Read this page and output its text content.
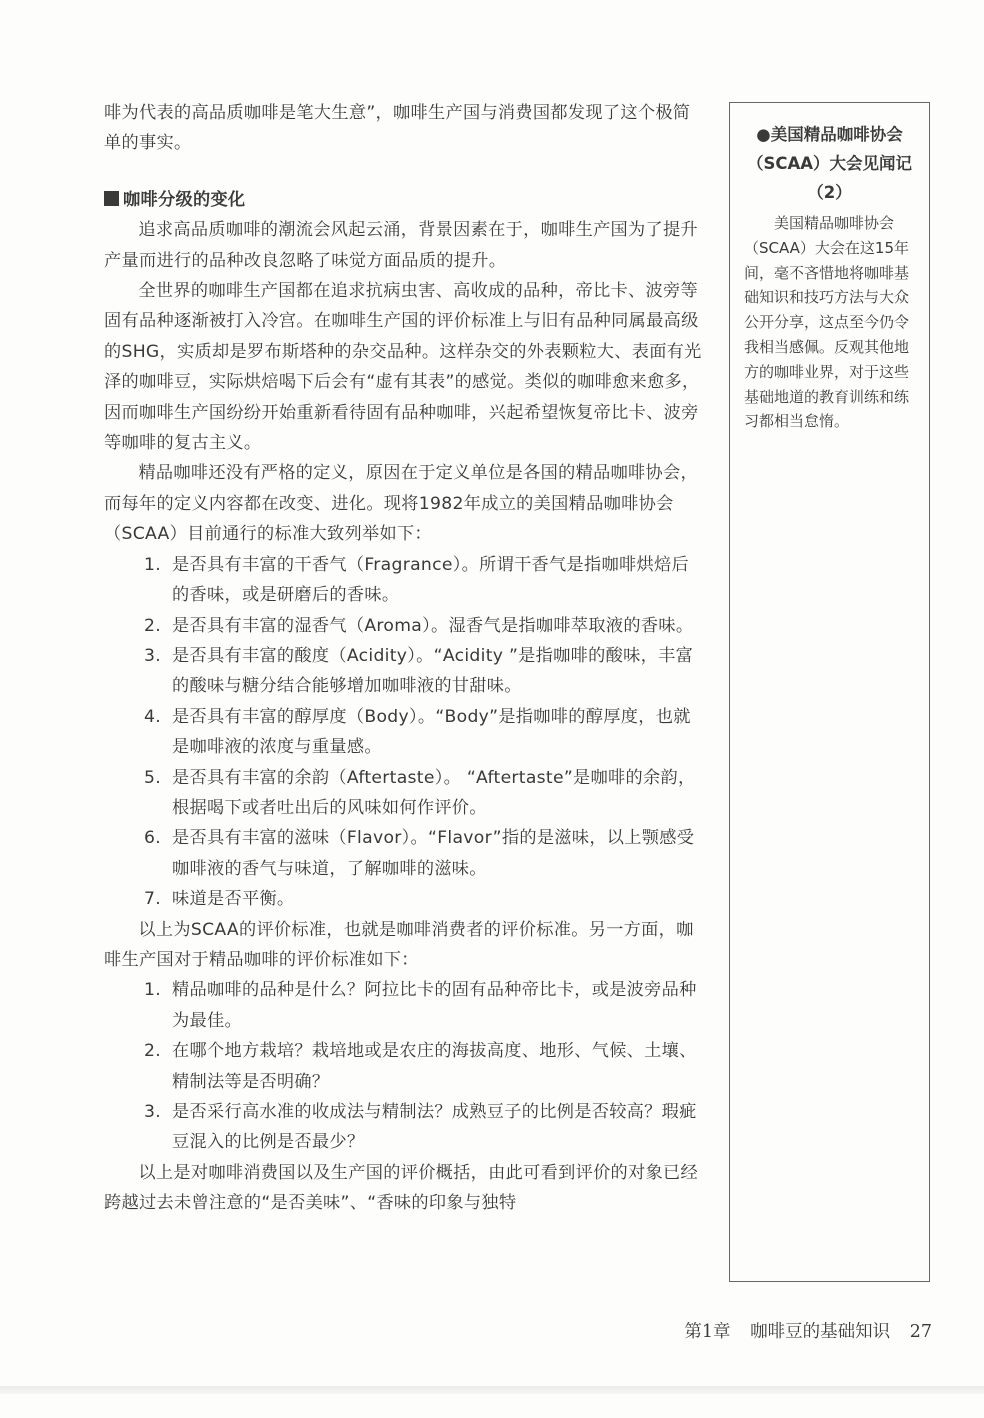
啡为代表的高品质咖啡是笔大生意”，咖啡生产国与消费国都发现了这个极简单的事实。

咖啡分级的变化

追求高品质咖啡的潮流会风起云涌，背景因素在于，咖啡生产国为了提升产量而进行的品种改良忽略了味觉方面品质的提升。

全世界的咖啡生产国都在追求抗病虫害、高收成的品种，帝比卡、波旁等固有品种逐渐被打入冷宫。在咖啡生产国的评价标准上与旧有品种同属最高级的SHG，实质却是罗布斯塔种的杂交品种。这样杂交的外表颗粒大、表面有光泽的咖啡豆，实际烘焙喝下后会有“虚有其表”的感觉。类似的咖啡愈来愈多，因而咖啡生产国纷纷开始重新看待固有品种咖啡，兴起希望恢复帝比卡、波旁等咖啡的复古主义。

精品咖啡还没有严格的定义，原因在于定义单位是各国的精品咖啡协会，而每年的定义内容都在改变、进化。现将1982年成立的美国精品咖啡协会（SCAA）目前通行的标准大致列举如下：

1. 是否具有丰富的干香气（Fragrance）。所谓干香气是指咖啡烘焙后的香味，或是研磨后的香味。
2. 是否具有丰富的湿香气（Aroma）。湿香气是指咖啡萃取液的香味。
3. 是否具有丰富的酸度（Acidity）。“Acidity ”是指咖啡的酸味，丰富的酸味与糖分结合能够增加咖啡液的甘甜味。
4. 是否具有丰富的醇厚度（Body）。“Body”是指咖啡的醇厚度，也就是咖啡液的浓度与重量感。
5. 是否具有丰富的余韵（Aftertaste）。 “Aftertaste”是咖啡的余韵，根据喝下或者吐出后的风味如何作评价。
6. 是否具有丰富的滋味（Flavor）。“Flavor”指的是滋味，以上颚感受咖啡液的香气与味道，了解咖啡的滋味。
7. 味道是否平衡。

以上为SCAA的评价标准，也就是咖啡消费者的评价标准。另一方面，咖啡生产国对于精品咖啡的评价标准如下：

1. 精品咖啡的品种是什么？阿拉比卡的固有品种帝比卡，或是波旁品种为最佳。
2. 在哪个地方栽培？栽培地或是农庄的海拔高度、地形、气候、土壤、精制法等是否明确？
3. 是否采行高水准的收成法与精制法？成熟豆子的比例是否较高？瑕疵豆混入的比例是否最少？

以上是对咖啡消费国以及生产国的评价概括，由此可看到评价的对象已经跨越过去未曾注意的“是否美味”、“香味的印象与独特

●美国精品咖啡协会
（SCAA）大会见闻记
（2）

美国精品咖啡协会（SCAA）大会在这15年间，毫不吝惜地将咖啡基础知识和技巧方法与大众公开分享，这点至今仍令我相当感佩。反观其他地方的咖啡业界，对于这些基础地道的教育训练和练习都相当怠惰。

第1章 咖啡豆的基础知识 27
